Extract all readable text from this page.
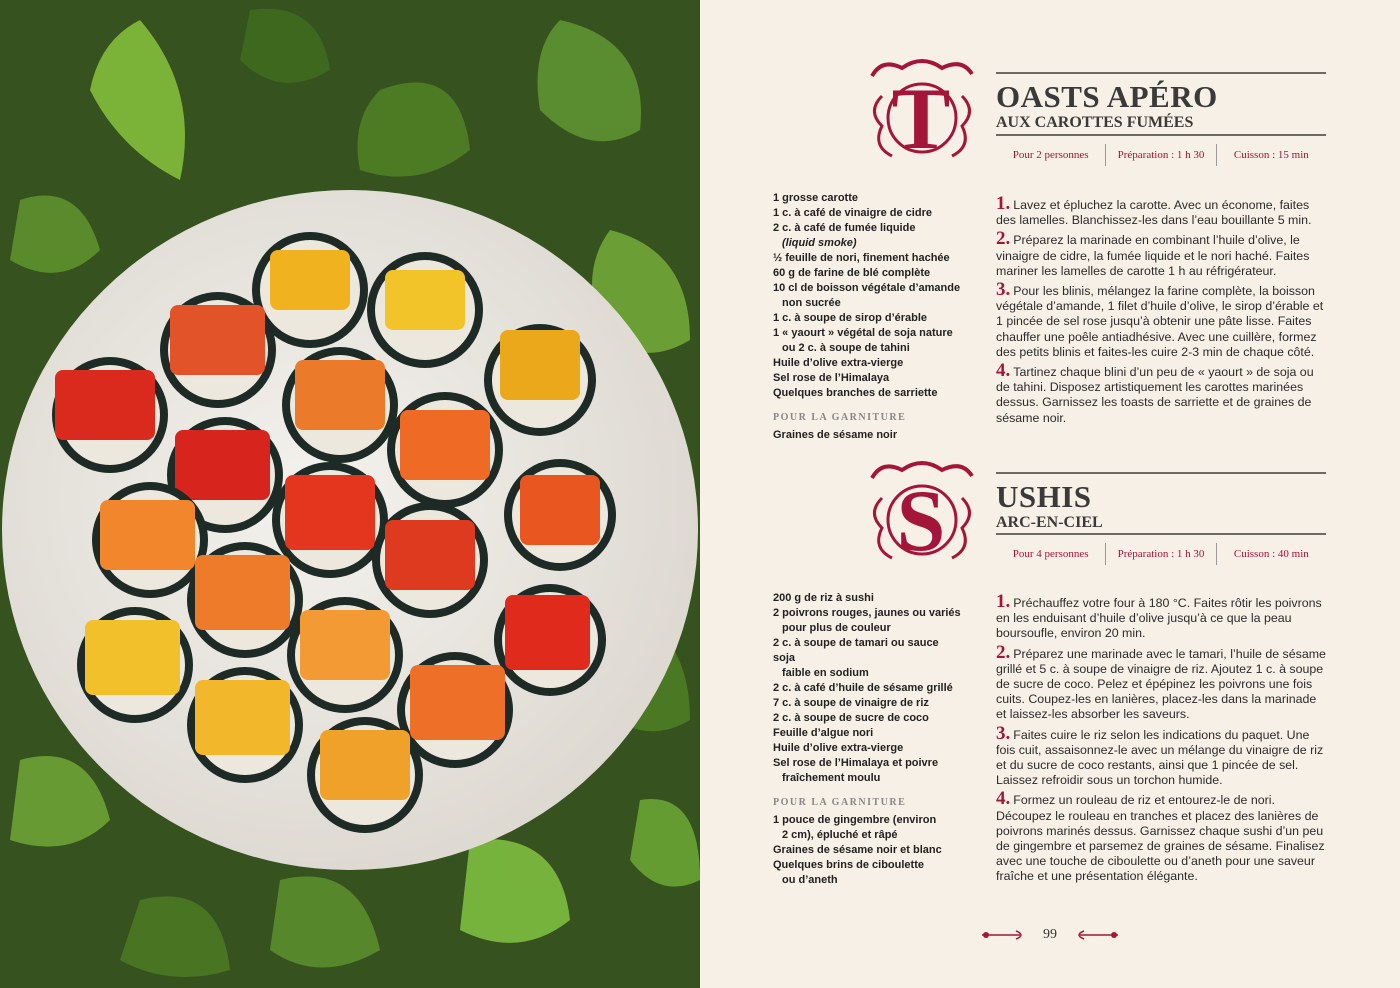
T OASTS APÉRO
AUX CAROTTES FUMÉES
Pour 2 personnes	Préparation : 1 h 30	Cuisson : 15 min
1 grosse carotte
1 c. à café de vinaigre de cidre
2 c. à café de fumée liquide
(liquid smoke)
½ feuille de nori, finement hachée
60 g de farine de blé complète
10 cl de boisson végétale d’amande
non sucrée
1 c. à soupe de sirop d’érable
1 « yaourt » végétal de soja nature
ou 2 c. à soupe de tahini
Huile d’olive extra-vierge
Sel rose de l’Himalaya
Quelques branches de sarriette
POUR LA GARNITURE
Graines de sésame noir
1. Lavez et épluchez la carotte. Avec un économe, faites des lamelles. Blanchissez-les dans l’eau bouillante 5 min.
2. Préparez la marinade en combinant l’huile d’olive, le vinaigre de cidre, la fumée liquide et le nori haché. Faites mariner les lamelles de carotte 1 h au réfrigérateur.
3. Pour les blinis, mélangez la farine complète, la boisson végétale d’amande, 1 filet d’huile d’olive, le sirop d’érable et 1 pincée de sel rose jusqu’à obtenir une pâte lisse. Faites chauffer une poêle antiadhésive. Avec une cuillère, formez des petits blinis et faites-les cuire 2-3 min de chaque côté.
4. Tartinez chaque blini d’un peu de « yaourt » de soja ou de tahini. Disposez artistiquement les carottes marinées dessus. Garnissez les toasts de sarriette et de graines de sésame noir.
S USHIS
ARC-EN-CIEL
Pour 4 personnes	Préparation : 1 h 30	Cuisson : 40 min
200 g de riz à sushi
2 poivrons rouges, jaunes ou variés
pour plus de couleur
2 c. à soupe de tamari ou sauce soja
faible en sodium
2 c. à café d’huile de sésame grillé
7 c. à soupe de vinaigre de riz
2 c. à soupe de sucre de coco
Feuille d’algue nori
Huile d’olive extra-vierge
Sel rose de l’Himalaya et poivre
fraîchement moulu
POUR LA GARNITURE
1 pouce de gingembre (environ
2 cm), épluché et râpé
Graines de sésame noir et blanc
Quelques brins de ciboulette
ou d’aneth
1. Préchauffez votre four à 180 °C. Faites rôtir les poivrons en les enduisant d’huile d’olive jusqu’à ce que la peau boursoufle, environ 20 min.
2. Préparez une marinade avec le tamari, l’huile de sésame grillé et 5 c. à soupe de vinaigre de riz. Ajoutez 1 c. à soupe de sucre de coco. Pelez et épépinez les poivrons une fois cuits. Coupez-les en lanières, placez-les dans la marinade et laissez-les absorber les saveurs.
3. Faites cuire le riz selon les indications du paquet. Une fois cuit, assaisonnez-le avec un mélange du vinaigre de riz et du sucre de coco restants, ainsi que 1 pincée de sel. Laissez refroidir sous un torchon humide.
4. Formez un rouleau de riz et entourez-le de nori. Découpez le rouleau en tranches et placez des lanières de poivrons marinés dessus. Garnissez chaque sushi d’un peu de gingembre et parsemez de graines de sésame. Finalisez avec une touche de ciboulette ou d’aneth pour une saveur fraîche et une présentation élégante.
99
